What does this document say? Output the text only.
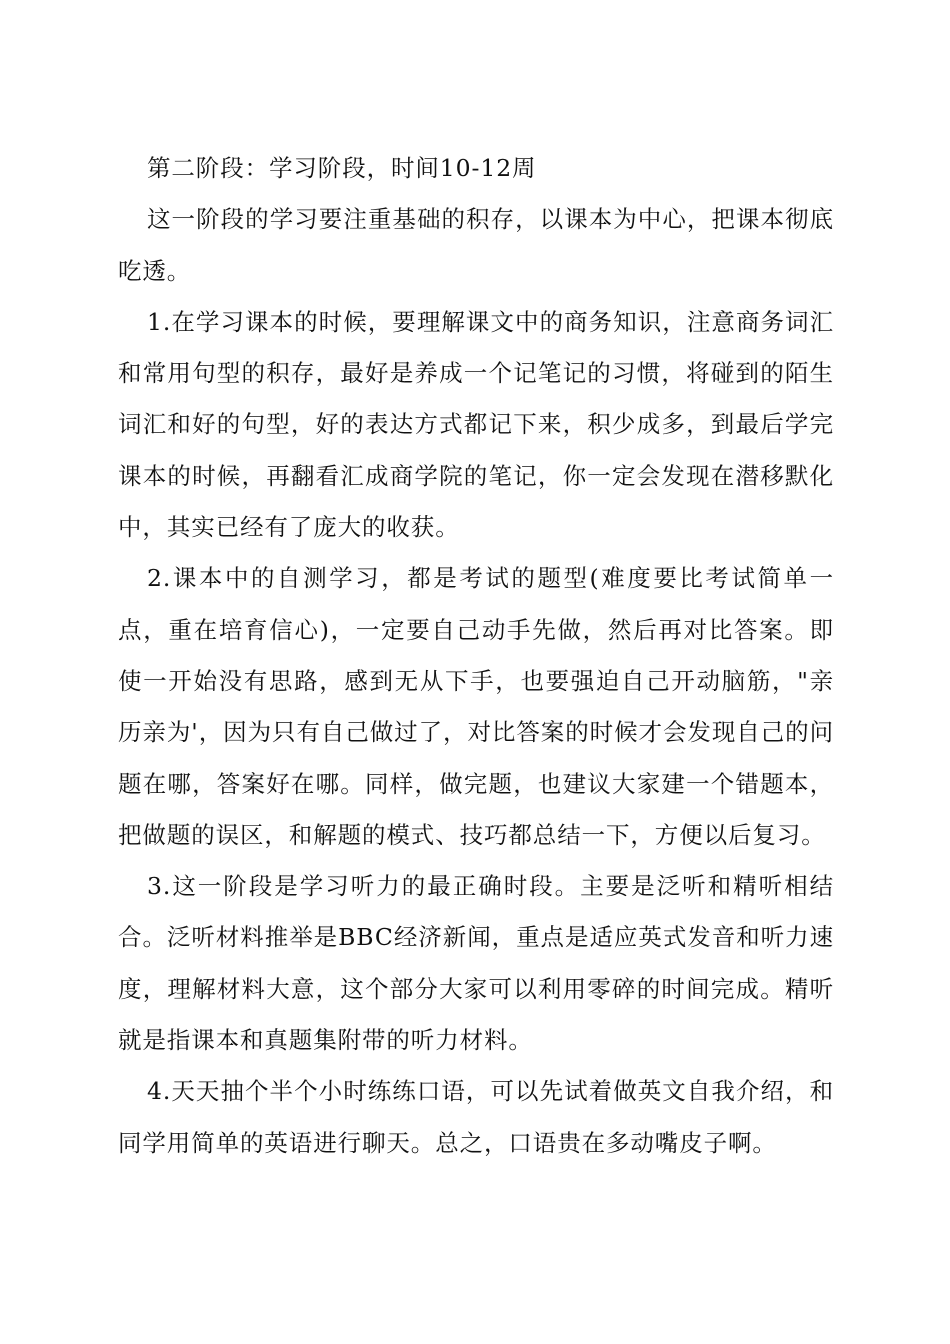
第二阶段：学习阶段，时间10-12周

这一阶段的学习要注重基础的积存，以课本为中心，把课本彻底吃透。

1.在学习课本的时候，要理解课文中的商务知识，注意商务词汇和常用句型的积存，最好是养成一个记笔记的习惯，将碰到的陌生词汇和好的句型，好的表达方式都记下来，积少成多，到最后学完课本的时候，再翻看汇成商学院的笔记，你一定会发现在潜移默化中，其实已经有了庞大的收获。

2.课本中的自测学习，都是考试的题型(难度要比考试简单一点，重在培育信心)，一定要自己动手先做，然后再对比答案。即使一开始没有思路，感到无从下手，也要强迫自己开动脑筋，"亲历亲为'，因为只有自己做过了，对比答案的时候才会发现自己的问题在哪，答案好在哪。同样，做完题，也建议大家建一个错题本，把做题的误区，和解题的模式、技巧都总结一下，方便以后复习。

3.这一阶段是学习听力的最正确时段。主要是泛听和精听相结合。泛听材料推举是BBC经济新闻，重点是适应英式发音和听力速度，理解材料大意，这个部分大家可以利用零碎的时间完成。精听就是指课本和真题集附带的听力材料。

4.天天抽个半个小时练练口语，可以先试着做英文自我介绍，和同学用简单的英语进行聊天。总之，口语贵在多动嘴皮子啊。
